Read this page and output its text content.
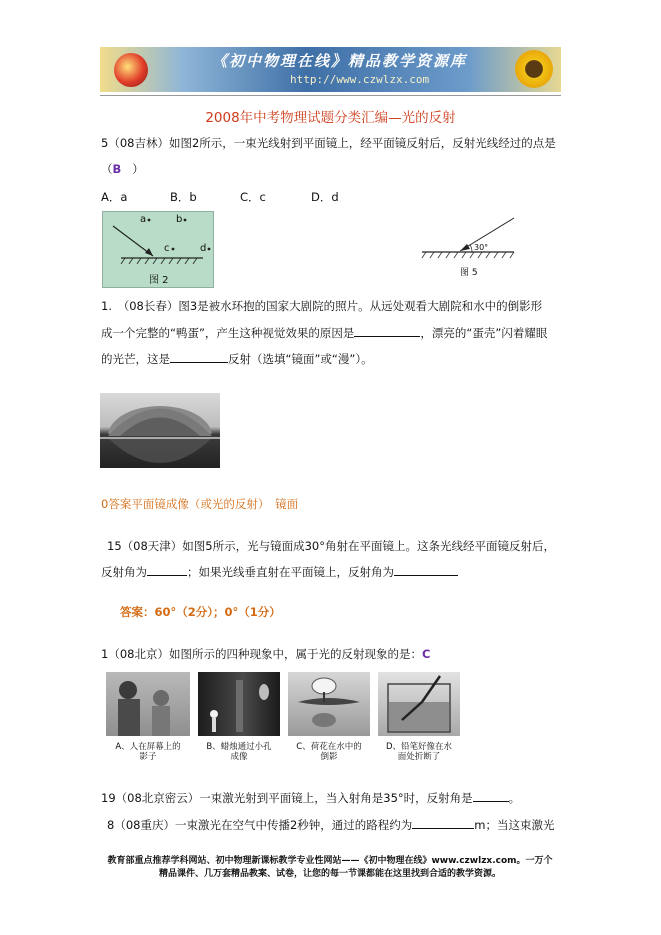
《初中物理在线》精品教学资源库
http://www.czwlzx.com
2008年中考物理试题分类汇编—光的反射
5（08吉林）如图2所示，一束光线射到平面镜上，经平面镜反射后，反射光线经过的点是
（B ）
A．a	B．b	C．c	D．d
a	b
c	d
图 2
30°
图 5
1.　（08长春）图3是被水环抱的国家大剧院的照片。从远处观看大剧院和水中的倒影形
成一个完整的“鸭蛋”，产生这种视觉效果的原因是	，漂亮的“蛋壳”闪着耀眼
的光芒，这是	反射（选填“镜面”或“漫”）。
0答案平面镜成像（或光的反射）　镜面
15（08天津）如图5所示，光与镜面成30°角射在平面镜上。这条光线经平面镜反射后，
反射角为	；如果光线垂直射在平面镜上，反射角为
答案：60°（2分）；0°（1分）
1（08北京）如图所示的四种现象中，属于光的反射现象的是：C
A、人在屏幕上的
影子
B、蜡烛通过小孔
成像
C、荷花在水中的
倒影
D、铅笔好像在水
面处折断了
19（08北京密云）一束激光射到平面镜上，当入射角是35°时，反射角是	。
8（08重庆）一束激光在空气中传播2秒钟，通过的路程约为	m；当这束激光
教育部重点推荐学科网站、初中物理新课标教学专业性网站——《初中物理在线》www.czwlzx.com。一万个
精品课件、几万套精品教案、试卷，让您的每一节课都能在这里找到合适的教学资源。
